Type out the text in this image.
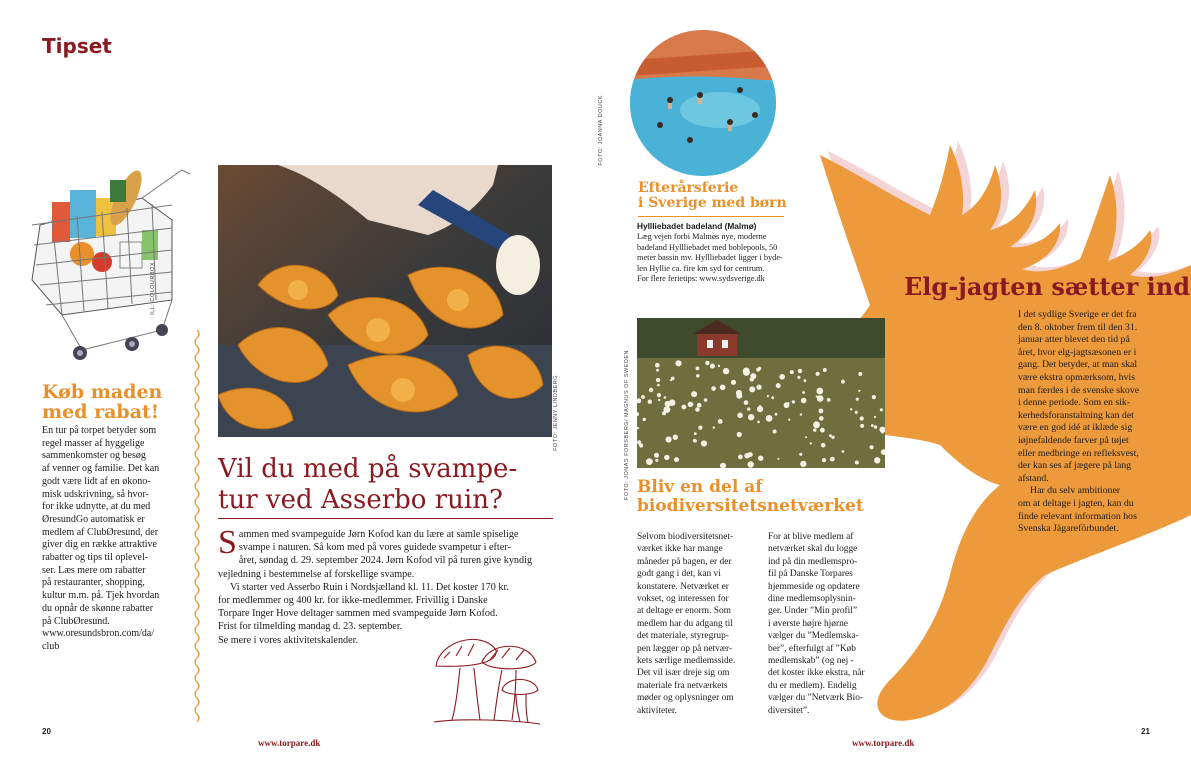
Tipset
ILL: COLOURBOX
Køb maden
med rabat!
En tur på torpet betyder som
regel masser af hyggelige
sammenkomster og besøg
af venner og familie. Det kan
godt være lidt af en økono-
misk udskrivning, så hvor-
for ikke udnytte, at du med
ØresundGo automatisk er
medlem af ClubØresund, der
giver dig en række attraktive
rabatter og tips til oplevel-
ser. Læs mere om rabatter
på restauranter, shopping,
kultur m.m. på. Tjek hvordan
du opnår de skønne rabatter
på ClubØresund.
www.oresundsbron.com/da/
club
FOTO: JENNY LINDBERG
Vil du med på svampe-
tur ved Asserbo ruin?
S ammen med svampeguide Jørn Kofod kan du lære at samle spiselige
svampe i naturen. Så kom med på vores guidede svampetur i efter-
året, søndag d. 29. september 2024. Jørn Kofod vil på turen give kyndig
vejledning i bestemmelse af forskellige svampe.
Vi starter ved Asserbo Ruin i Nordsjælland kl. 11. Det koster 170 kr.
for medlemmer og 400 kr. for ikke-medlemmer. Frivillig i Danske
Torpare Inger Hove deltager sammen med svampeguide Jørn Kofod.
Frist for tilmelding mandag d. 23. september.
Se mere i vores aktivitetskalender.
20
www.torpare.dk
FOTO: JOANNA DOUCK
Efterårsferie
i Sverige med børn
Hyllliebadet badeland (Malmø)
Læg vejen forbi Malmøs nye, moderne
badeland Hyllliebadet med boblepools, 50
meter bassin mv. Hyllliebadet ligger i byde-
len Hyllie ca. fire km syd for centrum.
For flere ferietips: www.sydsverige.dk
FOTO: JONAS FORSBERG/ MAGNUS OF SWEDEN Bliv en del af
biodiversitetsnetværket
Selvom biodiversitetsnet-
værket ikke har mange
måneder på bagen, er der
godt gang i det, kan vi
konstatere. Netværket er
vokset, og interessen for
at deltage er enorm. Som
medlem har du adgang til
det materiale, styregrup-
pen lægger op på netvær-
kets særlige medlemsside.
Det vil især dreje sig om
materiale fra netværkets
møder og oplysninger om
aktiviteter.
For at blive medlem af
netværket skal du logge
ind på din medlemspro-
fil på Danske Torpares
hjemmeside og opdatere
dine medlemsoplysnin-
ger. Under ”Min profil”
i øverste højre hjørne
vælger du ”Medlemska-
ber”, efterfulgt af ”Køb
medlemskab” (og nej -
det koster ikke ekstra, når
du er medlem). Endelig
vælger du ”Netværk Bio-
diversitet”.
Elg-jagten sætter ind
I det sydlige Sverige er det fra
den 8. oktober frem til den 31.
januar atter blevet den tid på
året, hvor elg-jagtsæsonen er i
gang. Det betyder, at man skal
være ekstra opmærksom, hvis
man færdes i de svenske skove
i denne periode. Som en sik-
kerhedsforanstaltning kan det
være en god idé at iklæde sig
iøjnefaldende farver på tøjet
eller medbringe en refleksvest,
der kan ses af jægere på lang
afstand.
Har du selv ambitioner
om at deltage i jagten, kan du
finde relevant information hos
Svenska Jägareförbundet.
www.torpare.dk
21
